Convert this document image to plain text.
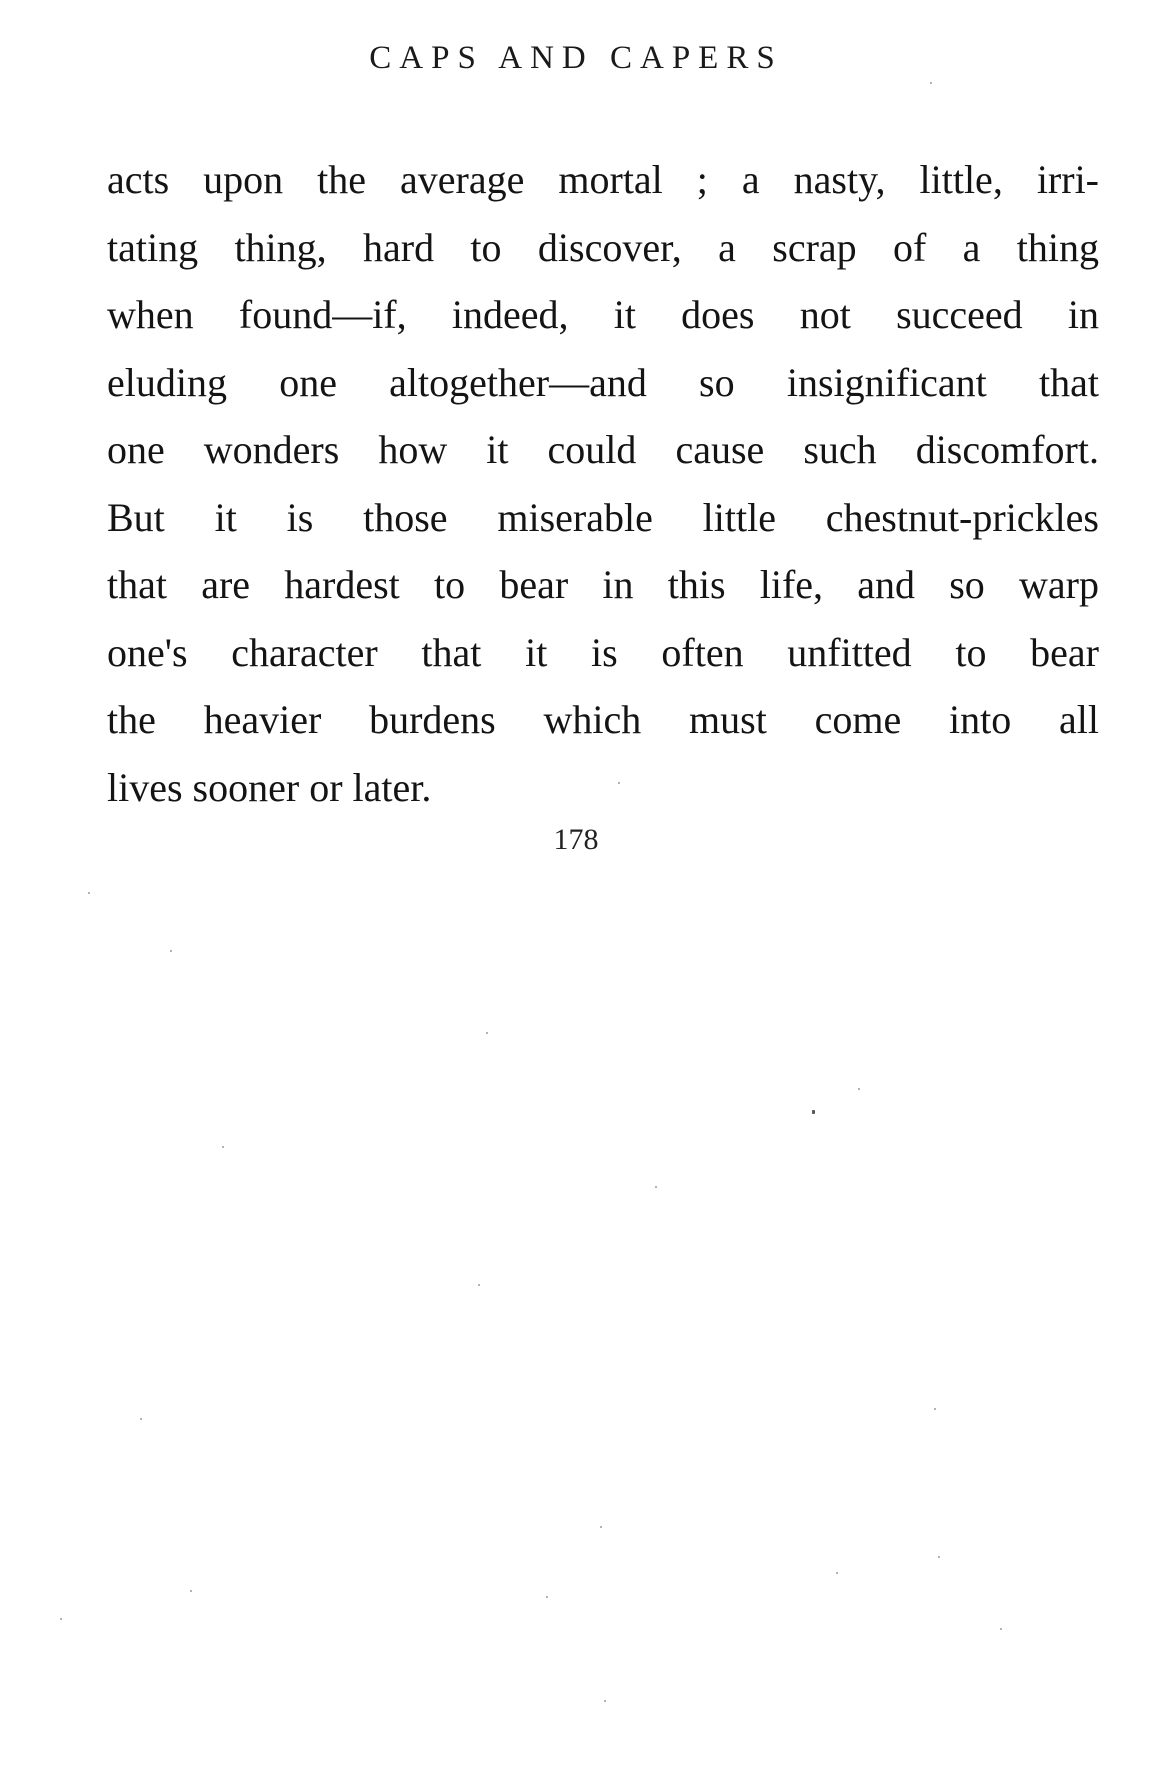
CAPS AND CAPERS
acts upon the average mortal ; a nasty, little, irri-
tating thing, hard to discover, a scrap of a thing
when found—if, indeed, it does not succeed in
eluding one altogether—and so insignificant that
one wonders how it could cause such discomfort.
But it is those miserable little chestnut-prickles
that are hardest to bear in this life, and so warp
one's character that it is often unfitted to bear
the heavier burdens which must come into all
lives sooner or later.
178
